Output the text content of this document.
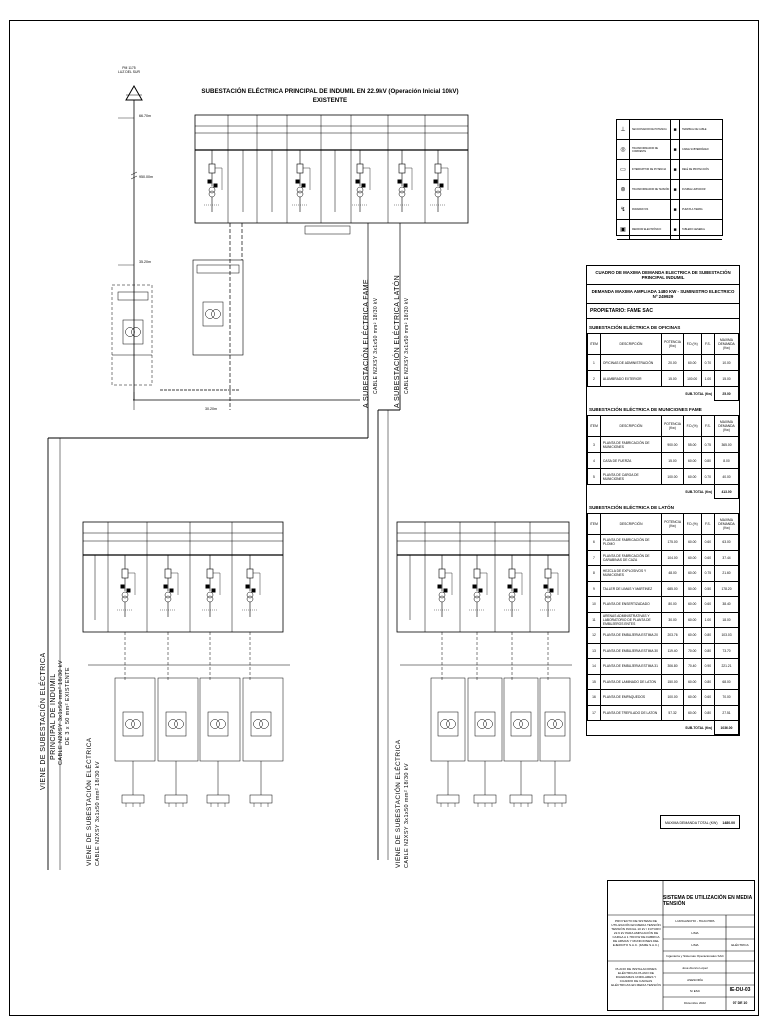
SUBESTACIÓN ELÉCTRICA PRINCIPAL DE INDUMIL EN 22.9kV (Operación Inicial 10kV)
EXISTENTE
PM 1175
LUZ DEL SUR
66.70m
950.00m
35.20m
30.20m
A SUBESTACIÓN ELÉCTRICA FAME CABLE N2XSY 3x1x50 mm² 18/30 kV A SUBESTACIÓN ELÉCTRICA LATÓN CABLE N2XSY 3x1x50 mm² 18/30 kV
VIENE DE SUBESTACIÓN ELÉCTRICA PRINCIPAL DE INDUMIL CABLE N2XSY 3x1x50 mm² 18/30 kV DE 3 x 50 mm² EXISTENTE
VIENE DE SUBESTACIÓN ELÉCTRICA CABLE N2XSY 3x1x50 mm² 18/30 kV	VIENE DE SUBESTACIÓN ELÉCTRICA CABLE N2XSY 3x1x50 mm² 18/30 kV
⊥	SECCIONADOR DE POTENCIA	■	TERMINAL DE CABLE
◎	TRANSFORMADOR DE CORRIENTE	■	CABLE SUBTERRÁNEO
▭	INTERRUPTOR DE POTENCIA	■	RELÉ DE PROTECCIÓN
⊚	TRANSFORMADOR DE TENSIÓN ■	FUSIBLE LIMITADOR
↯	PARARRAYOS	■	PUESTA A TIERRA
▣	MEDIDOR ELECTRÓNICO	■	TABLERO GENERAL
CUADRO DE MAXIMA DEMANDA ELECTRICA DE SUBESTACIÓN PRINCIPAL INDUMIL
DEMANDA MAXIMA AMPLIADA 1480 KW - SUMINISTRO ELECTRICO Nº 249929
PROPIETARIO: FAME SAC
SUBESTACIÓN ELÉCTRICA DE OFICINAS
ITEM	DESCRIPCIÓN	POTENCIA (Kw)	F.D.(%)	F.S.	MAXIMA DEMANDA (Kw)
1	OFICINAS DE ADMINISTRACIÓN	20.00	60.00	0.70	10.00
2	ALUMBRADO EXTERIOR	15.00	100.00	1.00	15.00
SUB-TOTAL (Kw)					25.00
SUBESTACIÓN ELÉCTRICA DE MUNICIONES FAME
ITEM	DESCRIPCIÓN	POTENCIA (Kw)	F.D.(%)	F.S.	MAXIMA DEMANDA (Kw)
3	PLANTA DE FABRICACIÓN DE MUNICIONES	900.00	55.00	0.75	365.00
4	CASA DE FUERZA	15.00	60.00	0.80	8.00
5	PLANTA DE CARGA DE MUNICIONES	100.00	60.00	0.70	40.00
SUB-TOTAL (Kw)					413.00
SUBESTACIÓN ELÉCTRICA DE LATÓN
ITEM	DESCRIPCIÓN	POTENCIA (Kw)	F.D.(%)	F.S.	MAXIMA DEMANDA (Kw)
6	PLANTA DE FABRICACIÓN DE PLOMO	175.00	60.00	0.60	63.00
7	PLANTA DE FABRICACIÓN DE CARABINAS DE CAZA	104.00	60.00	0.60	37.44
8	HEZCLA DE EXPLOSIVOS Y MUNICIONES	48.00	60.00	0.75	21.60
9	TALLER DE LIMAS Y MARTINEZ	685.00	50.00	0.50	178.20
10	PLANTA DE ENSERTIZADADO	80.00	60.00	0.60	38.40
11	ARENAS ADMINISTRATIVAS Y LABORATORIO DE PLANTA DE EMBUJEROS ENTES	30.00	60.00	1.00	18.00
12	PLANTA DE EMBUJERIA ESTIMA 20	203.76	60.00	0.80	103.03
13	PLANTA DE EMBUJERIA ESTIMA 30	119.40	70.00	0.80	73.70
14	PLANTA DE EMBUJERIA ESTIMA 31	306.80	70.40	0.90	221.21
15	PLANTA DE LAMINADO DE LATON	150.00	60.00	0.80	68.00
16	PLANTA DE EMPAQUEDOS	100.00	60.00	0.60	70.00
17	PLANTA DE TREFILADO DE LATON	57.32	60.00	0.80	27.51
SUB-TOTAL (Kw)					1036.00
MAXIMA DEMANDA TOTAL (KW) 1480.00
SISTEMA DE UTILIZACIÓN EN MEDIA TENSIÓN
PROYECTO DE SISTEMA DE UTILIZACIÓN EN MEDIA TENSIÓN TENSIÓN INICIAL 10 kV / FUTURO 22.9 kV PARA AMPLIACIÓN DE CARGA A 1 780 KW DE FABRICA DE ARMAS Y MUNICIONES DEL EJERCITO S.A.C. (FAME S.A.C.)
PLANO DE INSTALACIONES ELÉCTRICAS PLANO DE DIAGRAMAS UNIFILARES Y CUADRO DE CARGAS ELÉCTRICAS EN MEDIA TENSIÓN
LURIGANCHO - HUACHIPA
LIMA
LIMA
Ingeniería y Sistemas Operacionales SAC
José Alonzo López
ASESORÍA
S/ ESC
Diciembre 2022
ELÉCTRICA
IE-DU-03
07 DE 10
